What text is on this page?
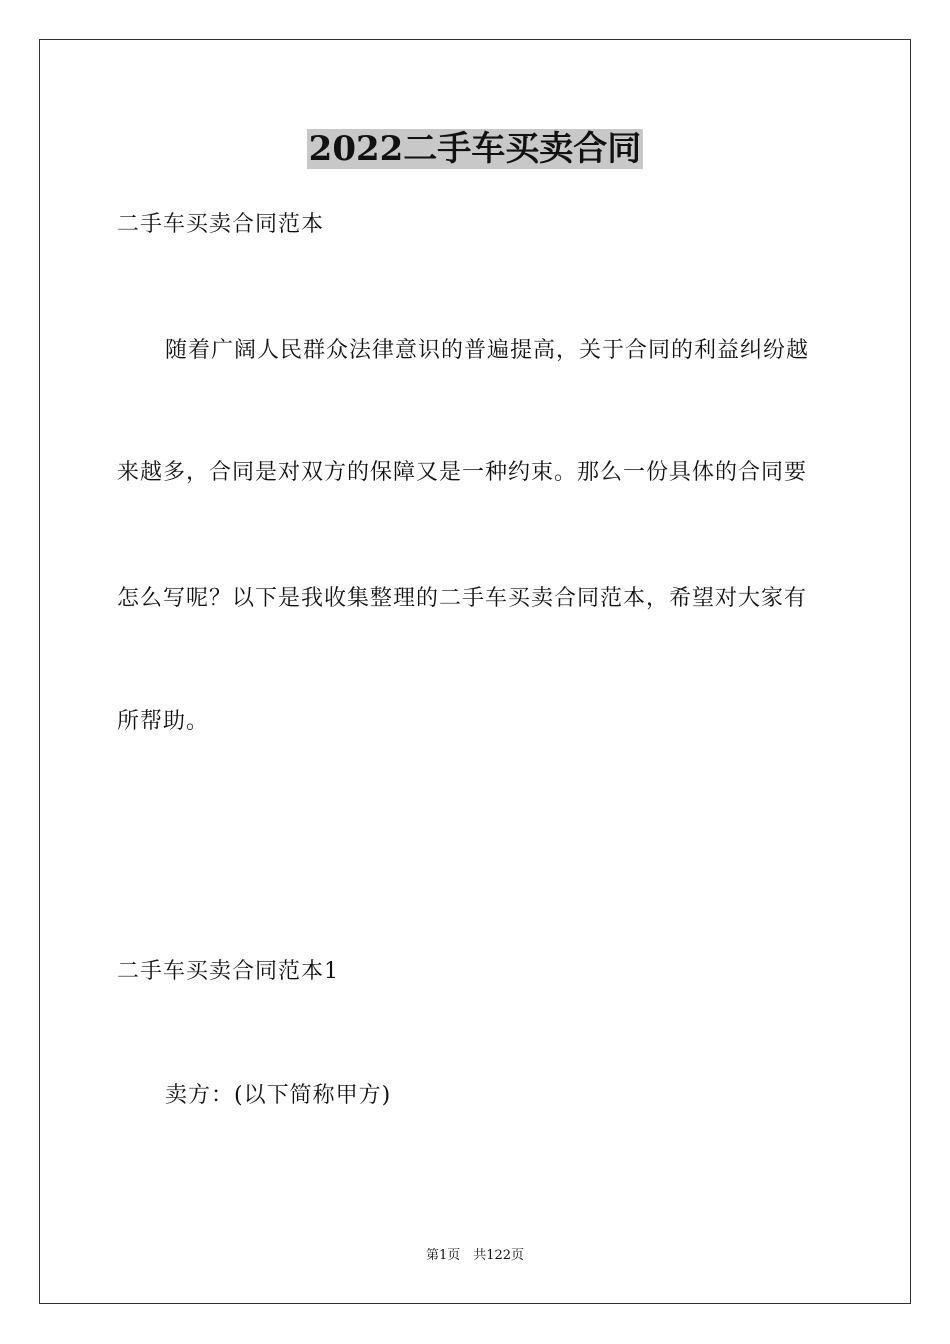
2022二手车买卖合同
二手车买卖合同范本
随着广阔人民群众法律意识的普遍提高，关于合同的利益纠纷越
来越多，合同是对双方的保障又是一种约束。那么一份具体的合同要
怎么写呢？以下是我收集整理的二手车买卖合同范本，希望对大家有
所帮助。
二手车买卖合同范本1
卖方：(以下简称甲方)
第1页　共122页
